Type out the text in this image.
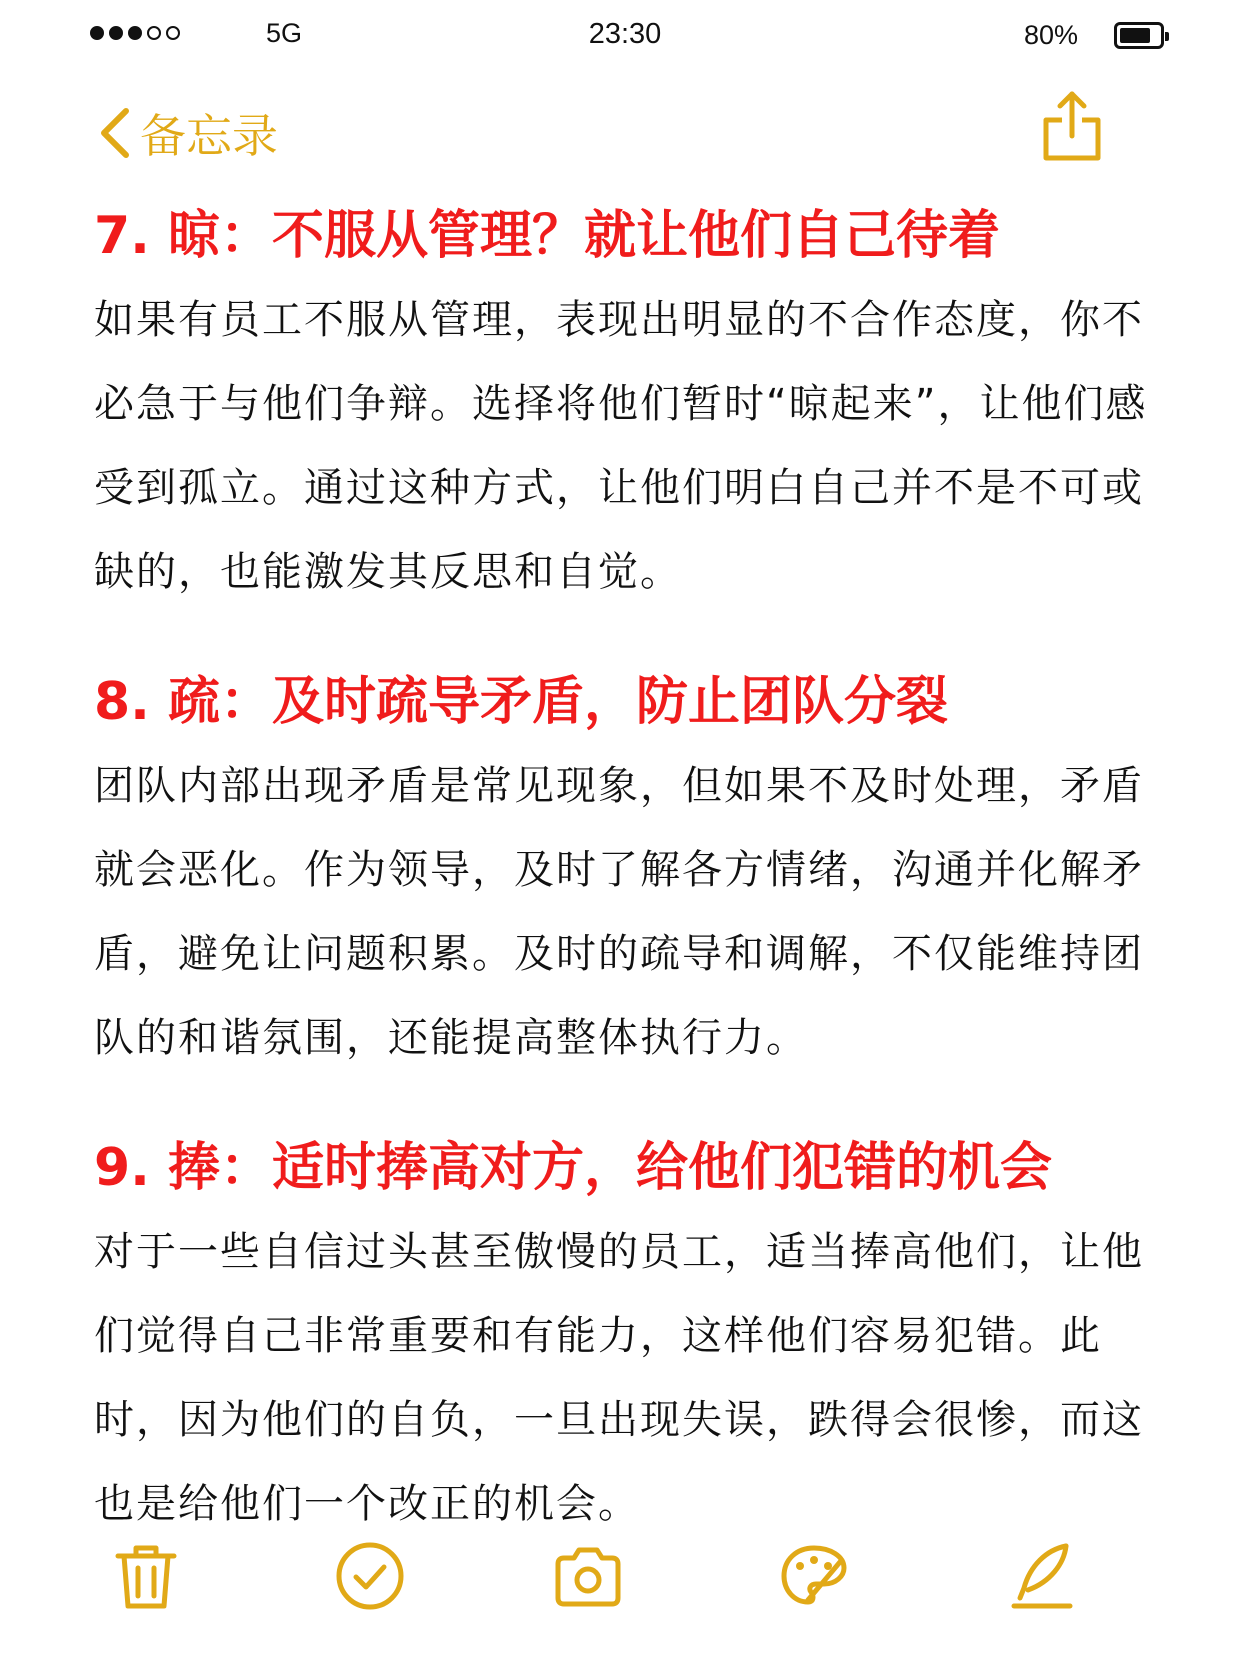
5G	23:30	80%
备忘录
7. 晾：不服从管理？就让他们自己待着
如果有员工不服从管理，表现出明显的不合作态度，你不必急于与他们争辩。选择将他们暂时“晾起来”，让他们感受到孤立。通过这种方式，让他们明白自己并不是不可或缺的，也能激发其反思和自觉。
8. 疏：及时疏导矛盾，防止团队分裂
团队内部出现矛盾是常见现象，但如果不及时处理，矛盾就会恶化。作为领导，及时了解各方情绪，沟通并化解矛盾，避免让问题积累。及时的疏导和调解，不仅能维持团队的和谐氛围，还能提高整体执行力。
9. 捧：适时捧高对方，给他们犯错的机会
对于一些自信过头甚至傲慢的员工，适当捧高他们，让他们觉得自己非常重要和有能力，这样他们容易犯错。此时，因为他们的自负，一旦出现失误，跌得会很惨，而这也是给他们一个改正的机会。
